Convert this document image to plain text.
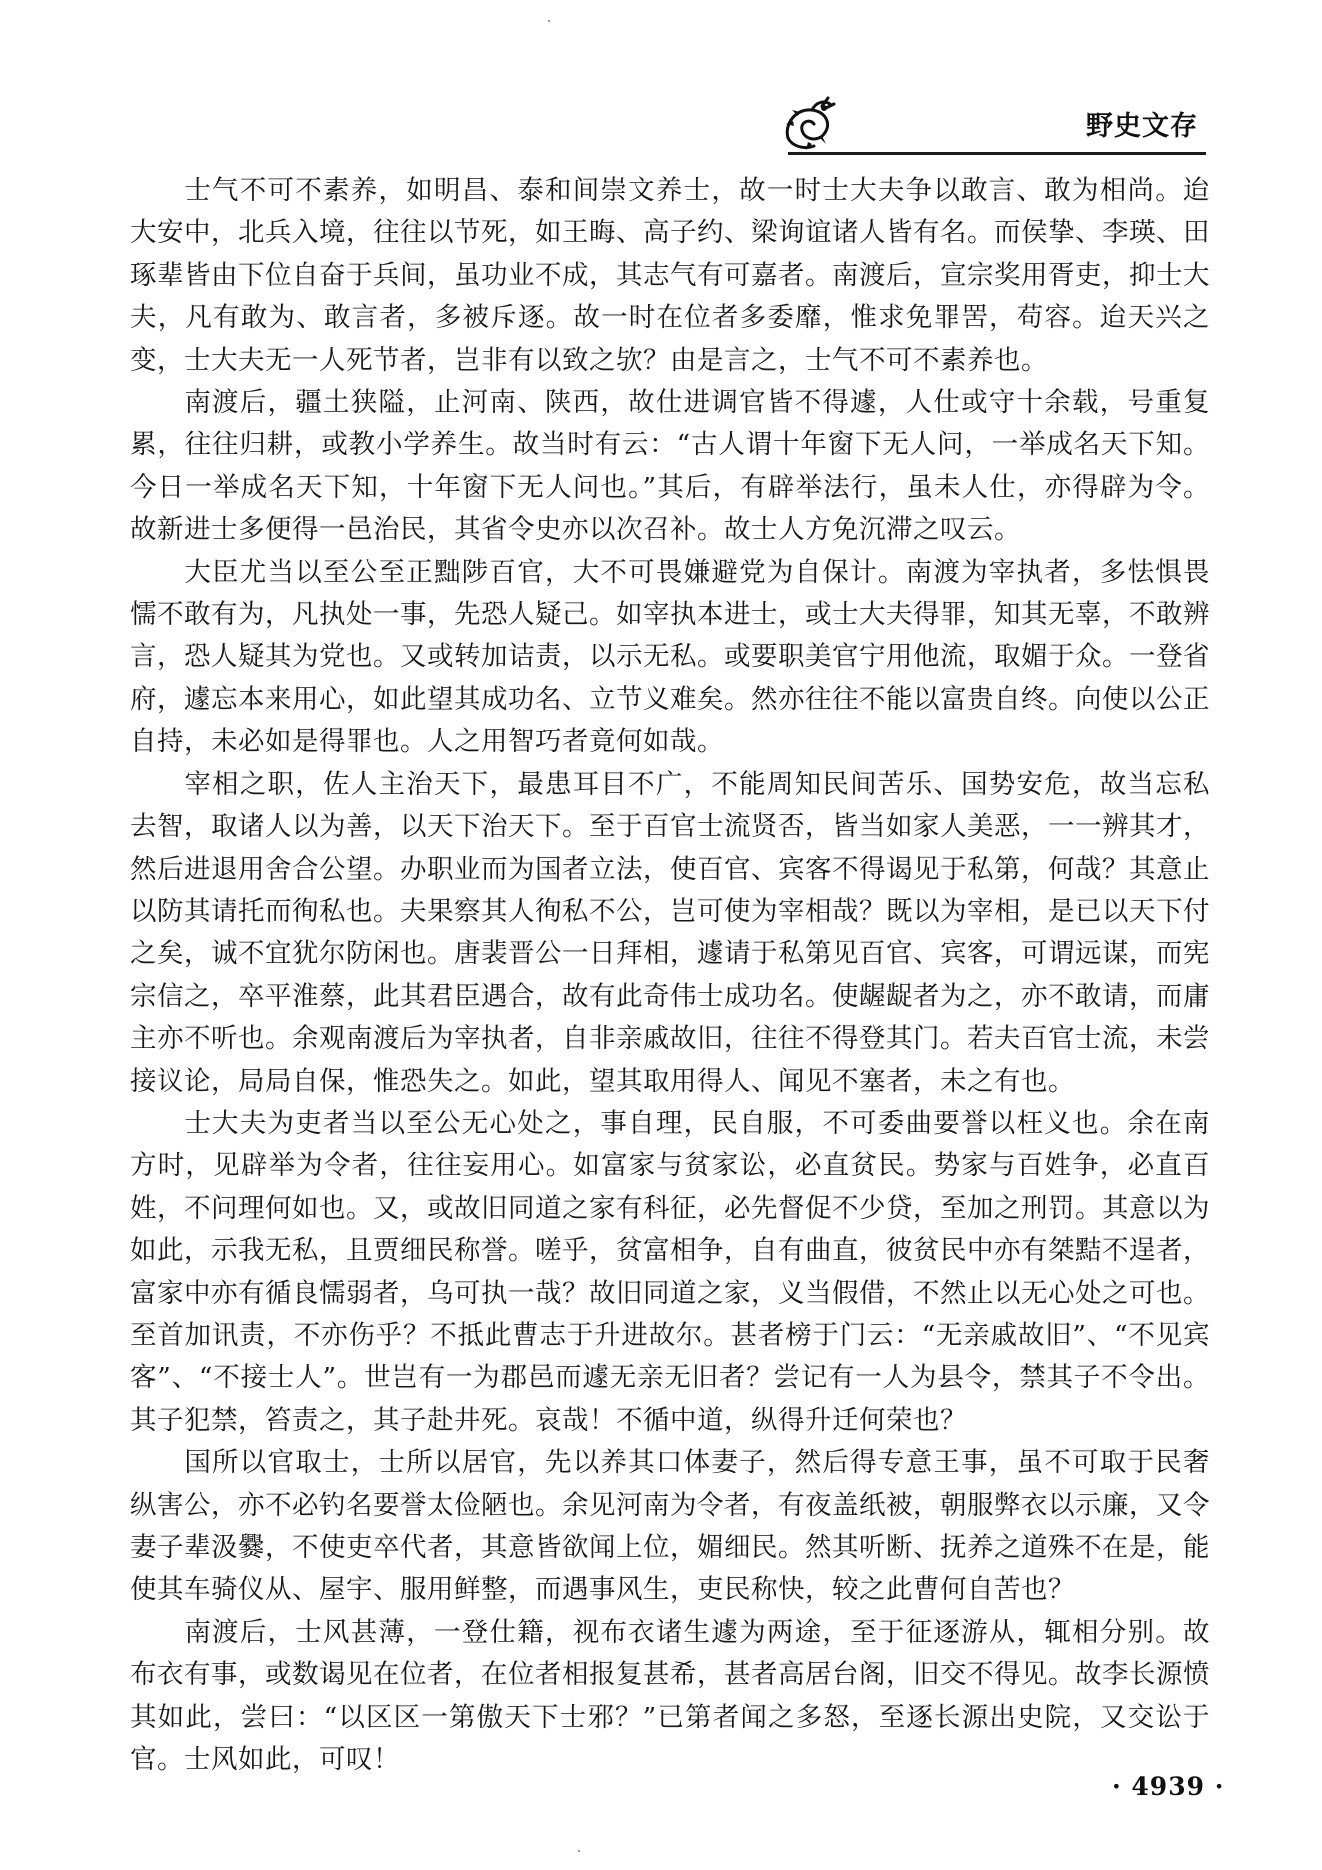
野史文存

士气不可不素养，如明昌、泰和间崇文养士，故一时士大夫争以敢言、敢为相尚。迨大安中，北兵入境，往往以节死，如王晦、高子约、梁询谊诸人皆有名。而侯挚、李瑛、田琢辈皆由下位自奋于兵间，虽功业不成，其志气有可嘉者。南渡后，宣宗奖用胥吏，抑士大夫，凡有敢为、敢言者，多被斥逐。故一时在位者多委靡，惟求免罪罟，苟容。迨天兴之变，士大夫无一人死节者，岂非有以致之欤？由是言之，士气不可不素养也。

南渡后，疆土狭隘，止河南、陕西，故仕进调官皆不得遽，人仕或守十余载，号重复累，往往归耕，或教小学养生。故当时有云：“古人谓十年窗下无人问，一举成名天下知。今日一举成名天下知，十年窗下无人问也。”其后，有辟举法行，虽未人仕，亦得辟为令。故新进士多便得一邑治民，其省令史亦以次召补。故士人方免沉滞之叹云。

大臣尤当以至公至正黜陟百官，大不可畏嫌避党为自保计。南渡为宰执者，多怯惧畏懦不敢有为，凡执处一事，先恐人疑己。如宰执本进士，或士大夫得罪，知其无辜，不敢辨言，恐人疑其为党也。又或转加诘责，以示无私。或要职美官宁用他流，取媚于众。一登省府，遽忘本来用心，如此望其成功名、立节义难矣。然亦往往不能以富贵自终。向使以公正自持，未必如是得罪也。人之用智巧者竟何如哉。

宰相之职，佐人主治天下，最患耳目不广，不能周知民间苦乐、国势安危，故当忘私去智，取诸人以为善，以天下治天下。至于百官士流贤否，皆当如家人美恶，一一辨其才，然后进退用舍合公望。办职业而为国者立法，使百官、宾客不得谒见于私第，何哉？其意止以防其请托而徇私也。夫果察其人徇私不公，岂可使为宰相哉？既以为宰相，是已以天下付之矣，诚不宜犹尔防闲也。唐裴晋公一日拜相，遽请于私第见百官、宾客，可谓远谋，而宪宗信之，卒平淮蔡，此其君臣遇合，故有此奇伟士成功名。使龌龊者为之，亦不敢请，而庸主亦不听也。余观南渡后为宰执者，自非亲戚故旧，往往不得登其门。若夫百官士流，未尝接议论，局局自保，惟恐失之。如此，望其取用得人、闻见不塞者，未之有也。

士大夫为吏者当以至公无心处之，事自理，民自服，不可委曲要誉以枉义也。余在南方时，见辟举为令者，往往妄用心。如富家与贫家讼，必直贫民。势家与百姓争，必直百姓，不问理何如也。又，或故旧同道之家有科征，必先督促不少贷，至加之刑罚。其意以为如此，示我无私，且贾细民称誉。嗟乎，贫富相争，自有曲直，彼贫民中亦有桀黠不逞者，富家中亦有循良懦弱者，乌可执一哉？故旧同道之家，义当假借，不然止以无心处之可也。至首加讯责，不亦伤乎？不抵此曹志于升进故尔。甚者榜于门云：“无亲戚故旧”、“不见宾客”、“不接士人”。世岂有一为郡邑而遽无亲无旧者？尝记有一人为县令，禁其子不令出。其子犯禁，笞责之，其子赴井死。哀哉！不循中道，纵得升迁何荣也？

国所以官取士，士所以居官，先以养其口体妻子，然后得专意王事，虽不可取于民奢纵害公，亦不必钓名要誉太俭陋也。余见河南为令者，有夜盖纸被，朝服弊衣以示廉，又令妻子辈汲爨，不使吏卒代者，其意皆欲闻上位，媚细民。然其听断、抚养之道殊不在是，能使其车骑仪从、屋宇、服用鲜整，而遇事风生，吏民称快，较之此曹何自苦也？

南渡后，士风甚薄，一登仕籍，视布衣诸生遽为两途，至于征逐游从，辄相分别。故布衣有事，或数谒见在位者，在位者相报复甚希，甚者高居台阁，旧交不得见。故李长源愤其如此，尝曰：“以区区一第傲天下士邪？”已第者闻之多怒，至逐长源出史院，又交讼于官。士风如此，可叹！

· 4939 ·
